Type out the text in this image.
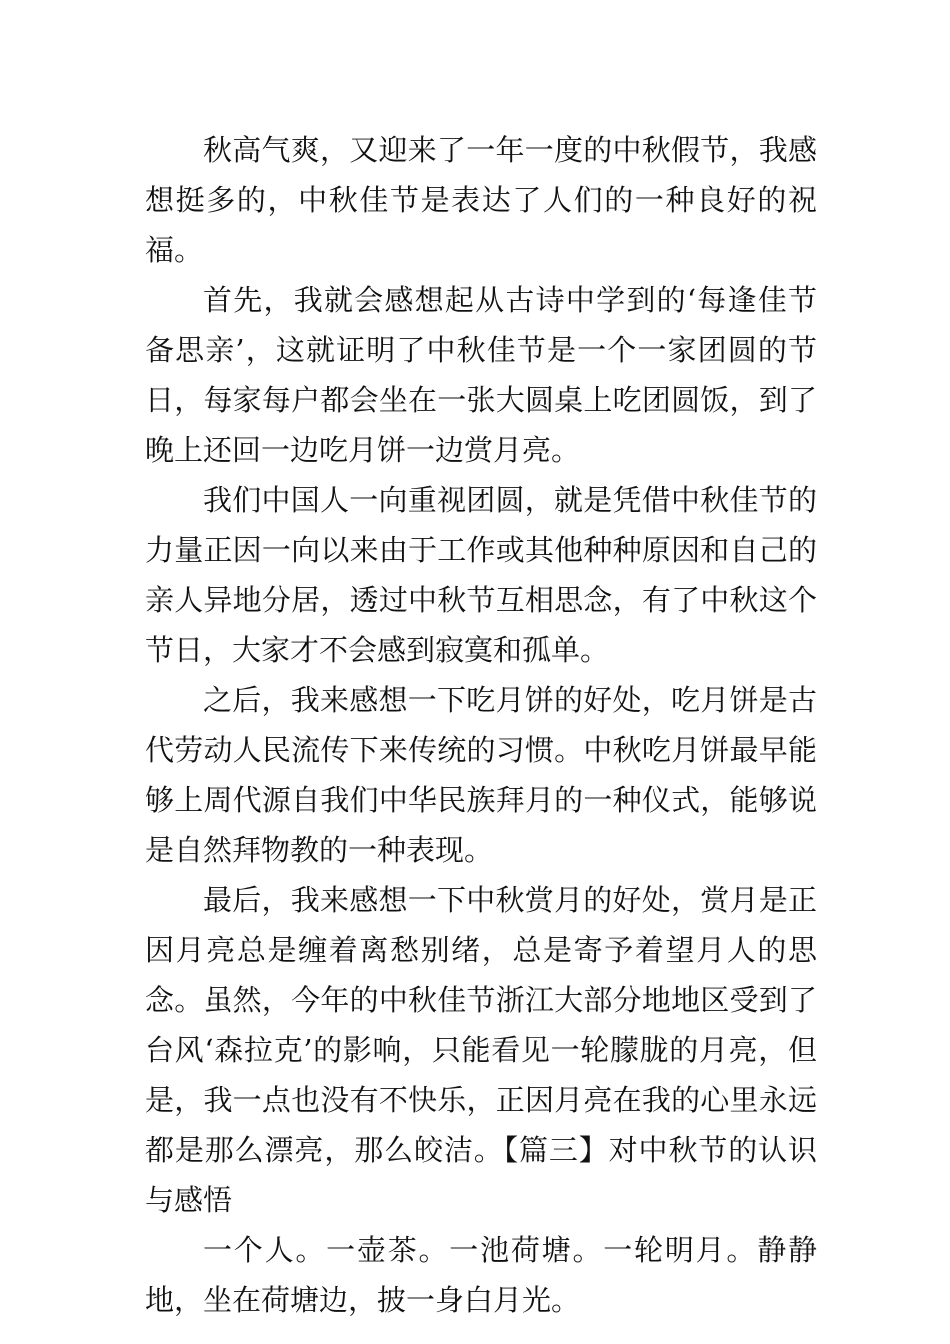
秋高气爽，又迎来了一年一度的中秋假节，我感想挺多的，中秋佳节是表达了人们的一种良好的祝福。

首先，我就会感想起从古诗中学到的‘每逢佳节备思亲’，这就证明了中秋佳节是一个一家团圆的节日，每家每户都会坐在一张大圆桌上吃团圆饭，到了晚上还回一边吃月饼一边赏月亮。

我们中国人一向重视团圆，就是凭借中秋佳节的力量正因一向以来由于工作或其他种种原因和自己的亲人异地分居，透过中秋节互相思念，有了中秋这个节日，大家才不会感到寂寞和孤单。

之后，我来感想一下吃月饼的好处，吃月饼是古代劳动人民流传下来传统的习惯。中秋吃月饼最早能够上周代源自我们中华民族拜月的一种仪式，能够说是自然拜物教的一种表现。

最后，我来感想一下中秋赏月的好处，赏月是正因月亮总是缠着离愁别绪，总是寄予着望月人的思念。虽然，今年的中秋佳节浙江大部分地地区受到了台风‘森拉克’的影响，只能看见一轮朦胧的月亮，但是，我一点也没有不快乐，正因月亮在我的心里永远都是那么漂亮，那么皎洁。【篇三】对中秋节的认识与感悟

一个人。一壶茶。一池荷塘。一轮明月。静静地，坐在荷塘边，披一身白月光。
